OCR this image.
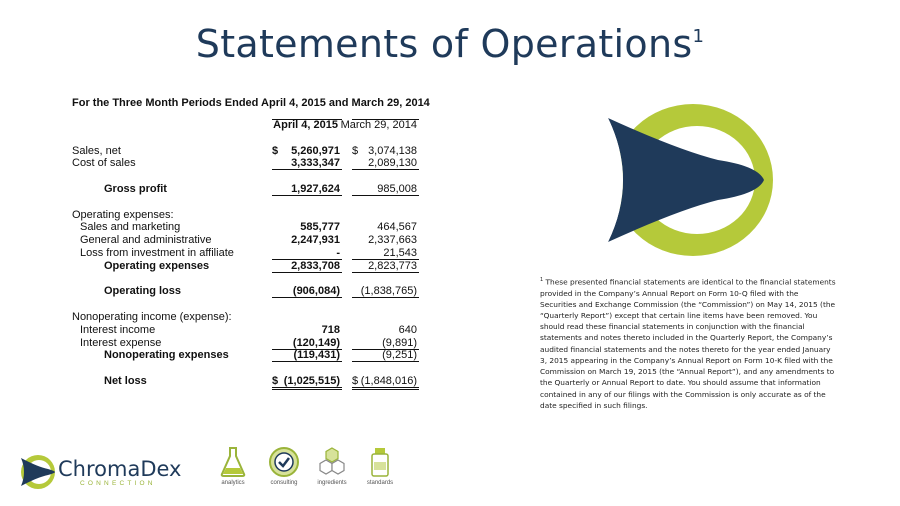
Statements of Operations$^1$
For the Three Month Periods Ended April 4, 2015 and March 29, 2014
April 4, 2015 March 29, 2014
Sales, net	$ 5,260,971 $ 3,074,138
Cost of sales	3,333,347	2,089,130
Gross profit	1,927,624	985,008
Operating expenses:
Sales and marketing	585,777	464,567
General and administrative	2,247,931	2,337,663
Loss from investment in affiliate	-	21,543
Operating expenses	2,833,708	2,823,773
Operating loss	(906,084) (1,838,765)
Nonoperating income (expense):
Interest income	718	640
Interest expense	(120,149)	(9,891)
Nonoperating expenses	(119,431)	(9,251)
Net loss	$ (1,025,515) $ (1,848,016)
$^1$ These presented financial statements are identical to the financial statements provided in the Company’s Annual Report on Form 10-Q filed with the Securities and Exchange Commission (the “Commission”) on May 14, 2015 (the “Quarterly Report”) except that certain line items have been removed. You should read these financial statements in conjunction with the financial statements and notes thereto included in the Quarterly Report, the Company’s audited financial statements and the notes thereto for the year ended January 3, 2015 appearing in the Company’s Annual Report on Form 10-K filed with the Commission on March 19, 2015 (the “Annual Report”), and any amendments to the Quarterly or Annual Report to date. You should assume that information contained in any of our filings with the Commission is only accurate as of the date specified in such filings.
ChromaDex
CONNECTION	analytics	consulting	ingredients	standards
